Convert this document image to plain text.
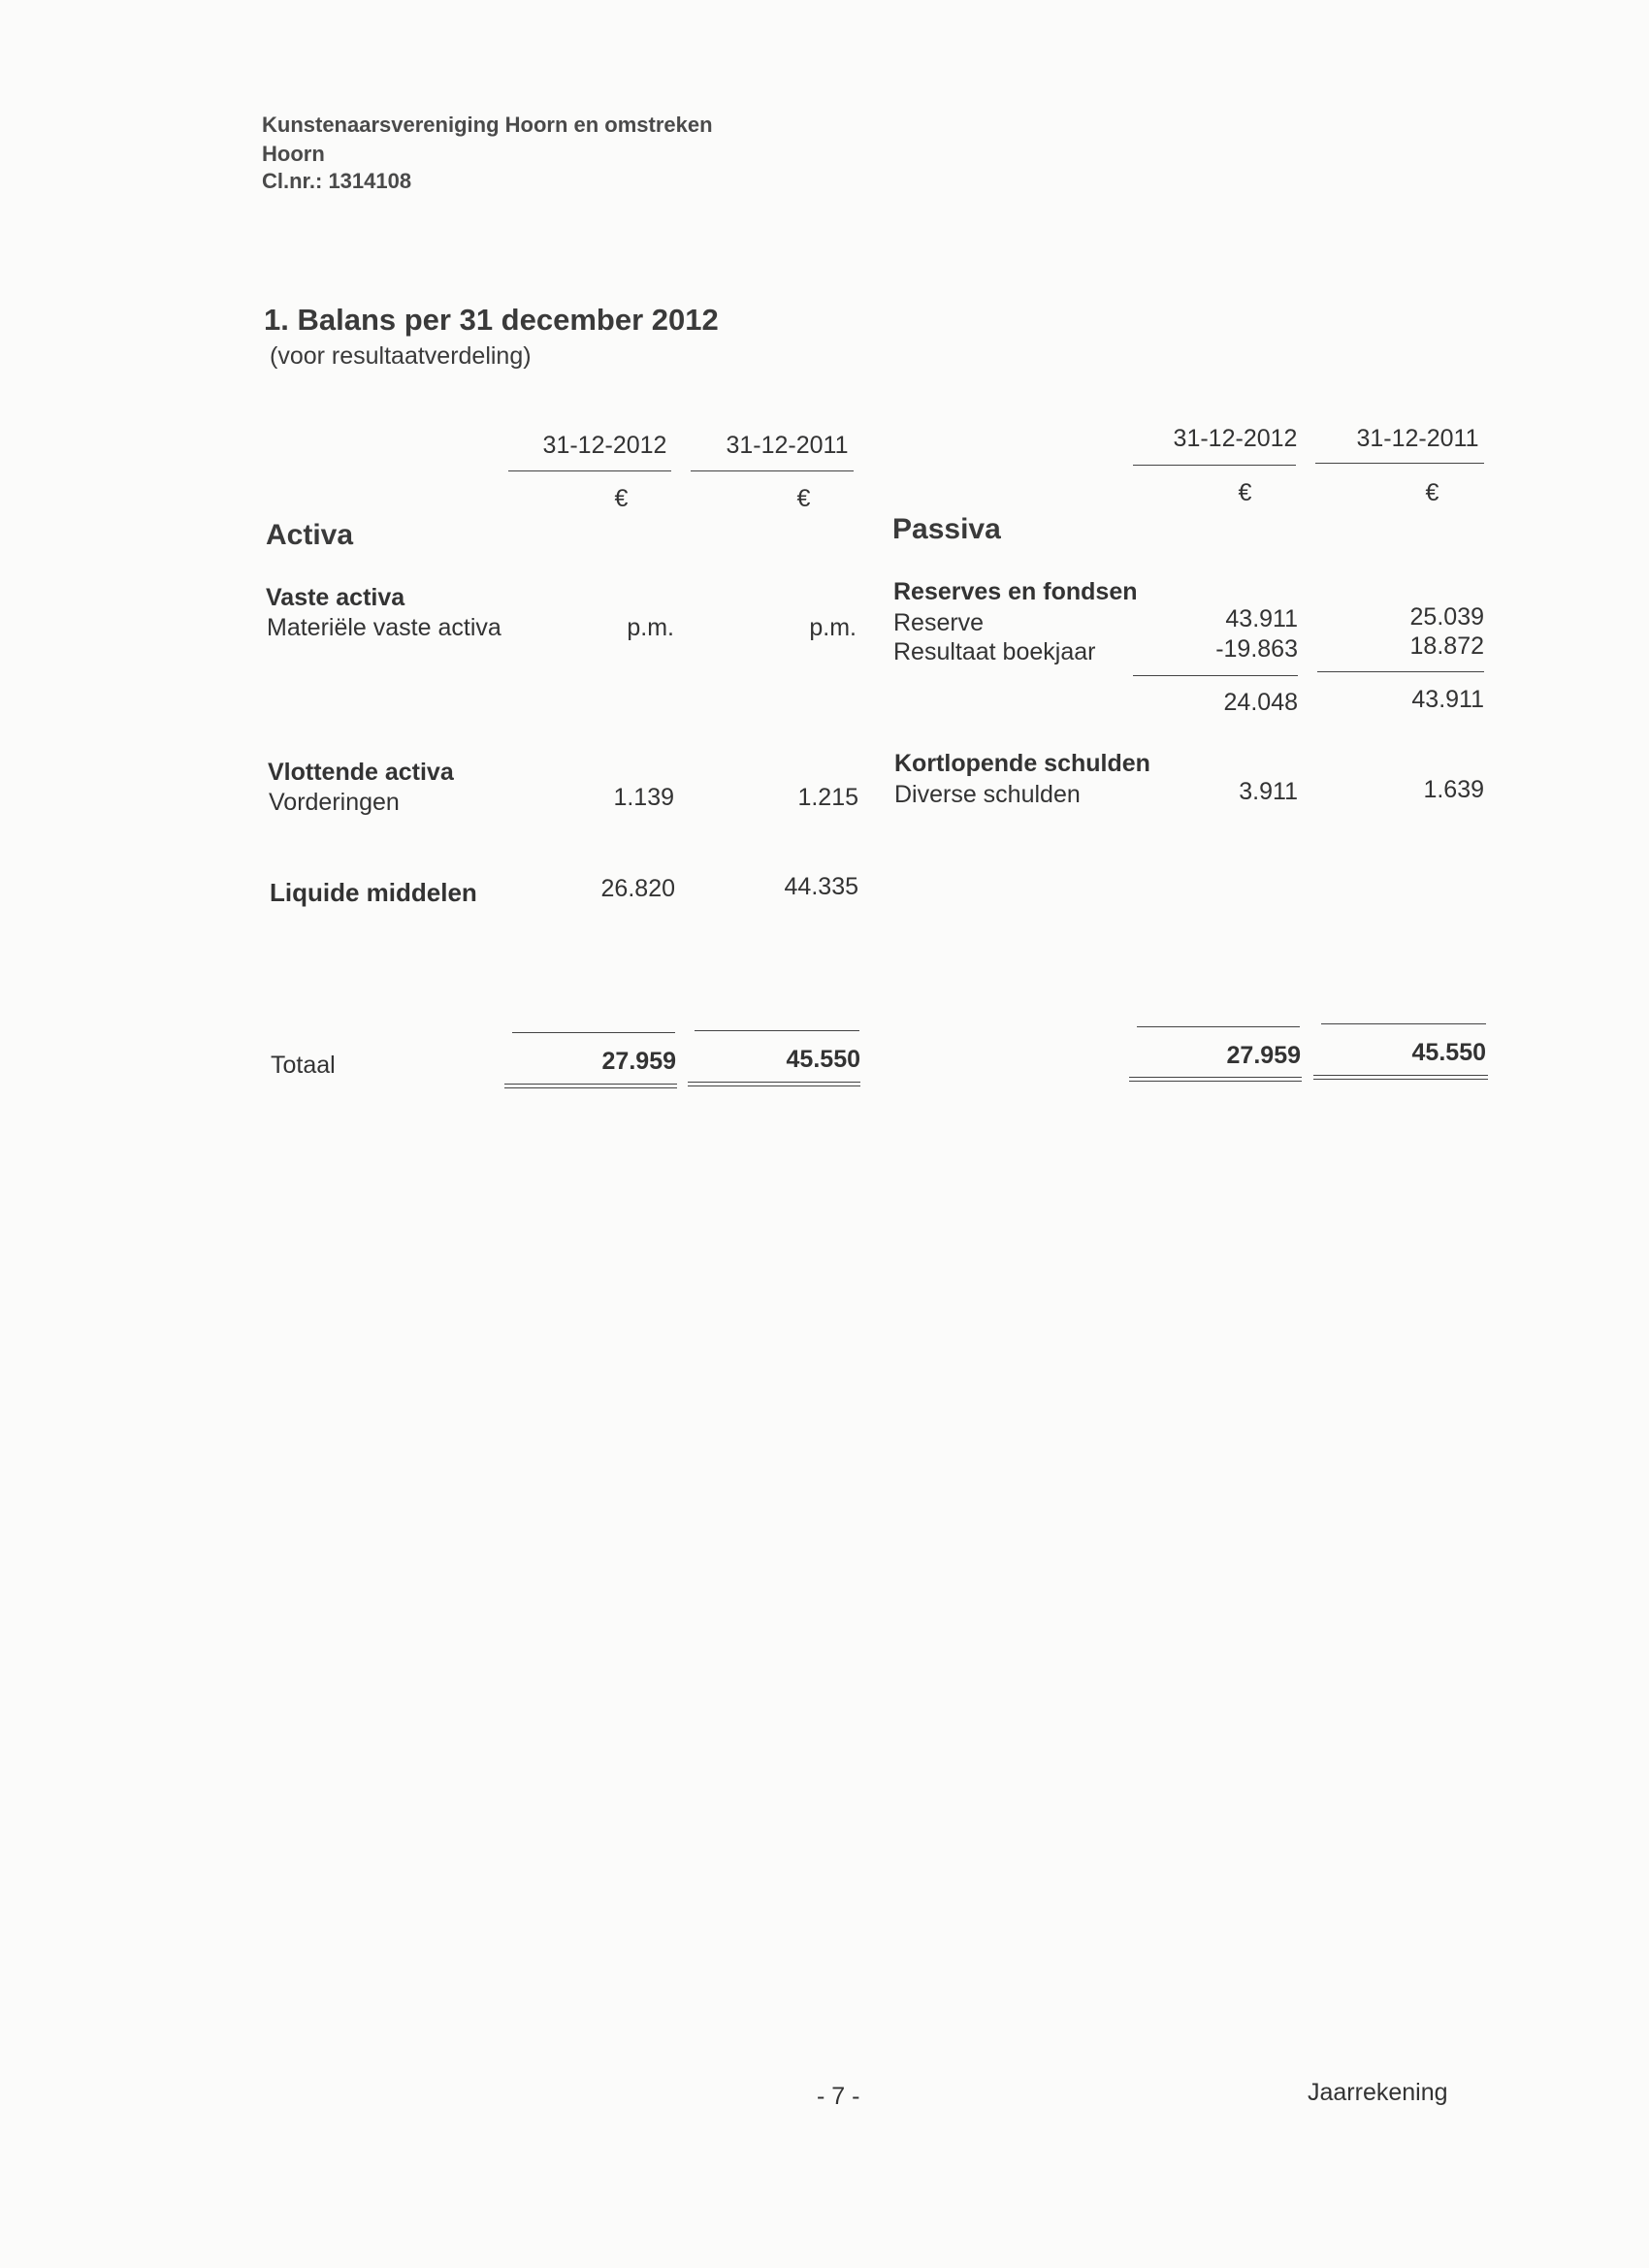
Kunstenaarsvereniging Hoorn en omstreken
Hoorn
Cl.nr.: 1314108
1. Balans per 31 december 2012
(voor resultaatverdeling)
31-12-2012	31-12-2011
€	€
31-12-2012	31-12-2011
€	€
Activa
Vaste activa
Materiële vaste activa	p.m.	p.m.
Vlottende activa
Vorderingen	1.139	1.215
Liquide middelen	26.820	44.335
Totaal	27.959	45.550
Passiva
Reserves en fondsen
Reserve	43.911	25.039
Resultaat boekjaar	-19.863	18.872
24.048	43.911
Kortlopende schulden
Diverse schulden	3.911	1.639
27.959	45.550
- 7 -	Jaarrekening
